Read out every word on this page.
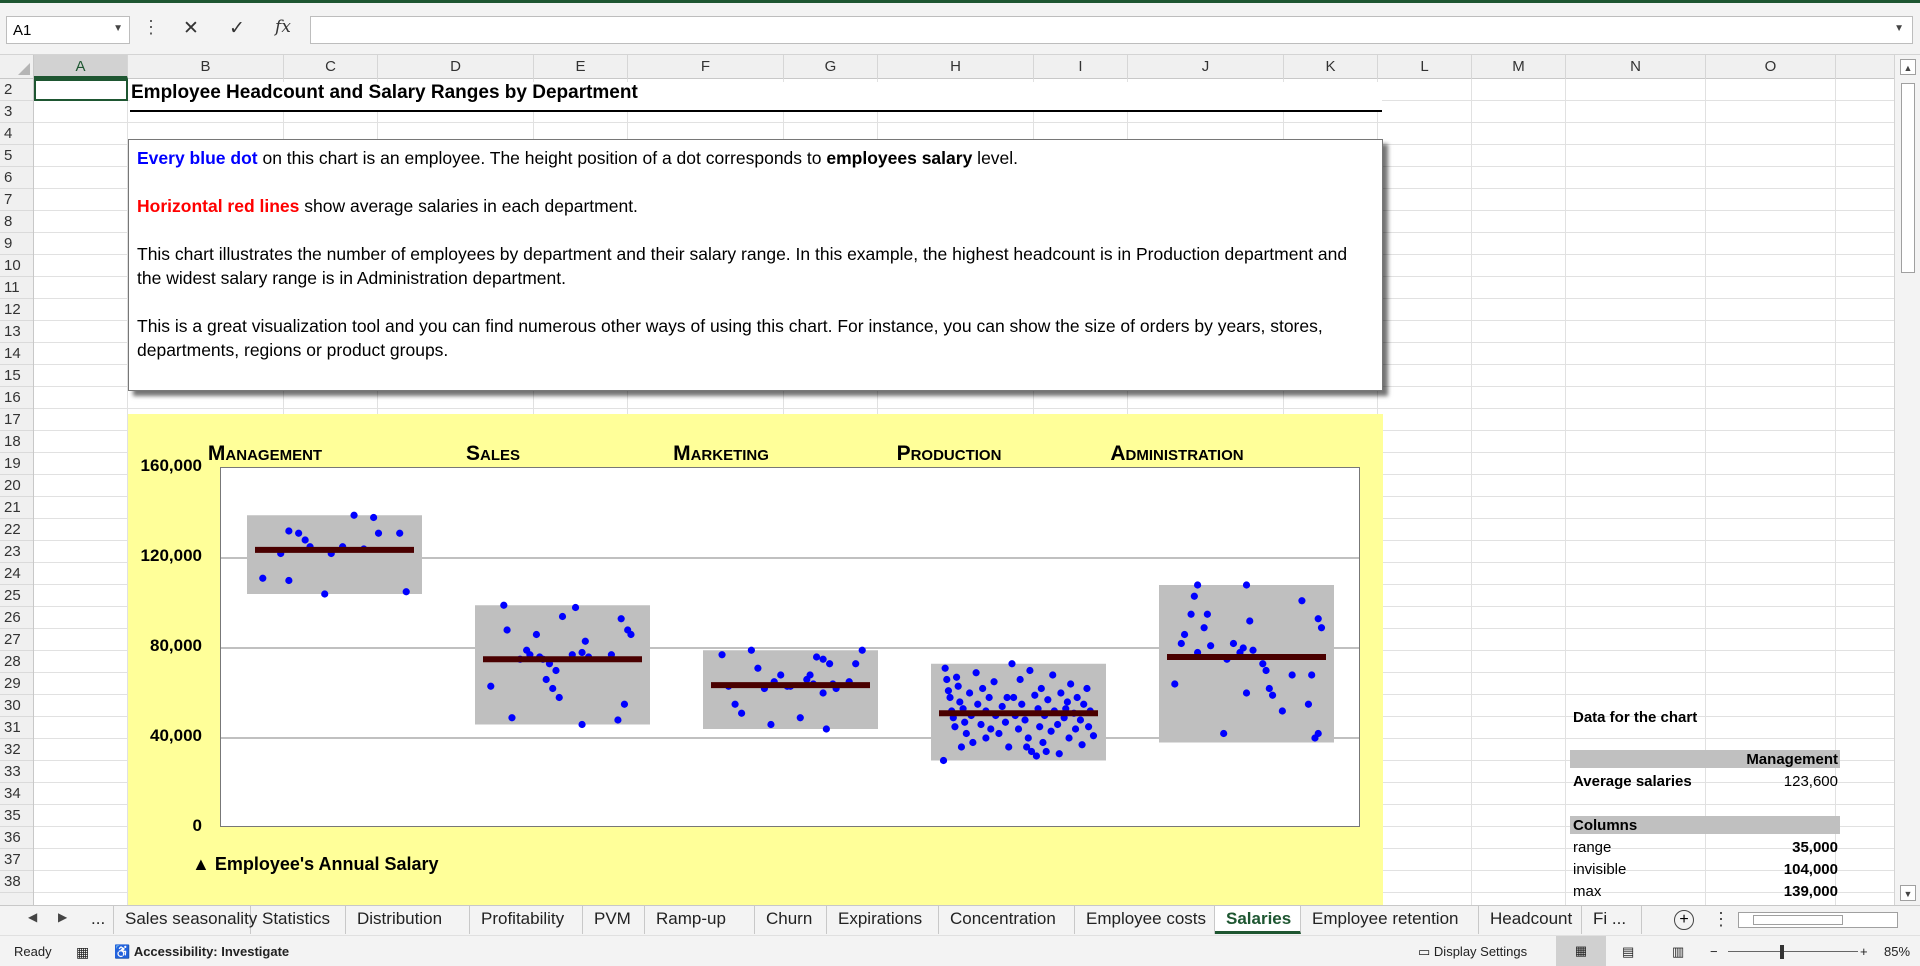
A1	▼ ⋮ ✕ ✓ fx	▼
A	B	C	D	E	F	G	H	I	J	K	L	M	N	O
2
3
4
5
6
7
8
9
10
11
12
13
14
15
16
17
18
19
20
21
22
23
24
25
26
27
28
29
30
31
32
33
34
35
36
37
38
Employee Headcount and Salary Ranges by Department

Every blue dot on this chart is an employee. The height position of a dot corresponds to employees salary level.

Horizontal red lines show average salaries in each department.

This chart illustrates the number of employees by department and their salary range. In this example, the highest headcount is in Production department and the widest salary range is in Administration department.

This is a great visualization tool and you can find numerous other ways of using this chart. For instance, you can show the size of orders by years, stores, departments, regions or product groups.

Management	Sales	Marketing	Production	Administration
0
40,000
80,000
120,000
160,000
▲ Employee's Annual Salary
Data for the chart
Management
Average salaries	123,600
Columns
range	35,000
invisible	104,000
max	139,000
▲
▼
◀ ▶	...	Sales seasonality Statistics	Distribution	Profitability	PVM	Ramp-up	Churn	Expirations	Concentration	Employee costs	Salaries	Employee retention	Headcount	Fi ...	+ ⋮
Ready ▦ ♿ Accessibility: Investigate	▭ Display Settings	▦	▤	▥ −	+ 85%
